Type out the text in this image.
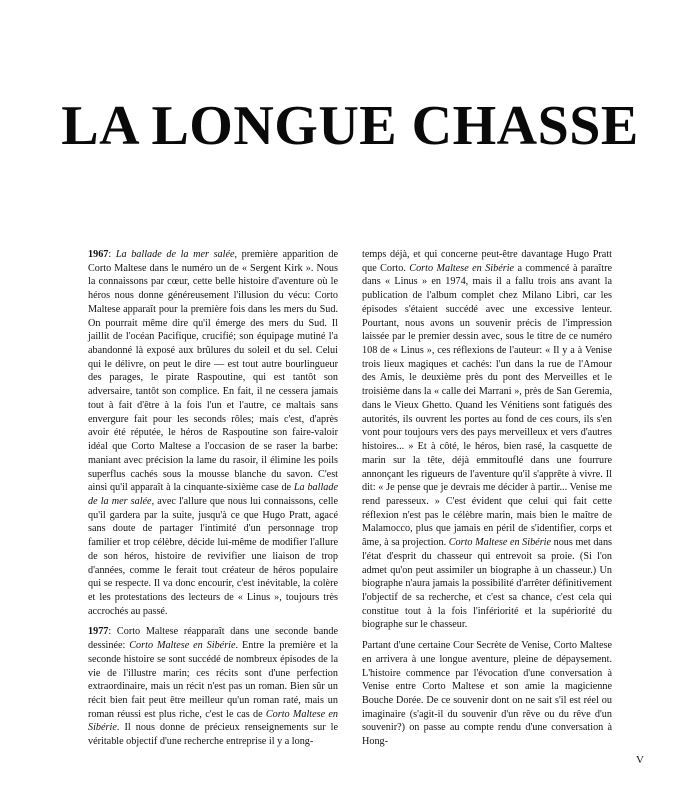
LA LONGUE CHASSE

1967: La ballade de la mer salée, première apparition de Corto Maltese dans le numéro un de « Sergent Kirk ». Nous la connaissons par cœur, cette belle histoire d'aventure où le héros nous donne généreusement l'illusion du vécu: Corto Maltese apparaît pour la première fois dans les mers du Sud. On pourrait même dire qu'il émerge des mers du Sud. Il jaillit de l'océan Pacifique, crucifié; son équipage mutiné l'a abandonné là exposé aux brûlures du soleil et du sel. Celui qui le délivre, on peut le dire — est tout autre bourlingueur des parages, le pirate Raspoutine, qui est tantôt son adversaire, tantôt son complice. En fait, il ne cessera jamais tout à fait d'être à la fois l'un et l'autre, ce maltais sans envergure fait pour les seconds rôles; mais c'est, d'après avoir été réputée, le héros de Raspoutine son faire-valoir idéal que Corto Maltese a l'occasion de se raser la barbe: maniant avec précision la lame du rasoir, il élimine les poils superflus cachés sous la mousse blanche du savon. C'est ainsi qu'il apparaît à la cinquante-sixième case de La ballade de la mer salée, avec l'allure que nous lui connaissons, celle qu'il gardera par la suite, jusqu'à ce que Hugo Pratt, agacé sans doute de partager l'intimité d'un personnage trop familier et trop célèbre, décide lui-même de modifier l'allure de son héros, histoire de revivifier une liaison de trop d'années, comme le ferait tout créateur de héros populaire qui se respecte. Il va donc encourir, c'est inévitable, la colère et les protestations des lecteurs de « Linus », toujours très accrochés au passé.

1977: Corto Maltese réapparaît dans une seconde bande dessinée: Corto Maltese en Sibérie. Entre la première et la seconde histoire se sont succédé de nombreux épisodes de la vie de l'illustre marin; ces récits sont d'une perfection extraordinaire, mais un récit n'est pas un roman. Bien sûr un récit bien fait peut être meilleur qu'un roman raté, mais un roman réussi est plus riche, c'est le cas de Corto Maltese en Sibérie. Il nous donne de précieux renseignements sur le véritable objectif d'une recherche entreprise il y a long-

temps déjà, et qui concerne peut-être davantage Hugo Pratt que Corto. Corto Maltese en Sibérie a commencé à paraître dans « Linus » en 1974, mais il a fallu trois ans avant la publication de l'album complet chez Milano Libri, car les épisodes s'étaient succédé avec une excessive lenteur. Pourtant, nous avons un souvenir précis de l'impression laissée par le premier dessin avec, sous le titre de ce numéro 108 de « Linus », ces réflexions de l'auteur: « Il y a à Venise trois lieux magiques et cachés: l'un dans la rue de l'Amour des Amis, le deuxième près du pont des Merveilles et le troisième dans la « calle dei Marrani », près de San Geremia, dans le Vieux Ghetto. Quand les Vénitiens sont fatigués des autorités, ils ouvrent les portes au fond de ces cours, ils s'en vont pour toujours vers des pays merveilleux et vers d'autres histoires... » Et à côté, le héros, bien rasé, la casquette de marin sur la tête, déjà emmitouflé dans une fourrure annonçant les rigueurs de l'aventure qu'il s'apprête à vivre. Il dit: « Je pense que je devrais me décider à partir... Venise me rend paresseux. » C'est évident que celui qui fait cette réflexion n'est pas le célèbre marin, mais bien le maître de Malamocco, plus que jamais en péril de s'identifier, corps et âme, à sa projection. Corto Maltese en Sibérie nous met dans l'état d'esprit du chasseur qui entrevoit sa proie. (Si l'on admet qu'on peut assimiler un biographe à un chasseur.) Un biographe n'aura jamais la possibilité d'arrêter définitivement l'objectif de sa recherche, et c'est sa chance, c'est cela qui constitue tout à la fois l'infériorité et la supériorité du biographe sur le chasseur.

Partant d'une certaine Cour Secrète de Venise, Corto Maltese en arrivera à une longue aventure, pleine de dépaysement. L'histoire commence par l'évocation d'une conversation à Venise entre Corto Maltese et son amie la magicienne Bouche Dorée. De ce souvenir dont on ne sait s'il est réel ou imaginaire (s'agit-il du souvenir d'un rêve ou du rêve d'un souvenir?) on passe au compte rendu d'une conversation à Hong-

V
